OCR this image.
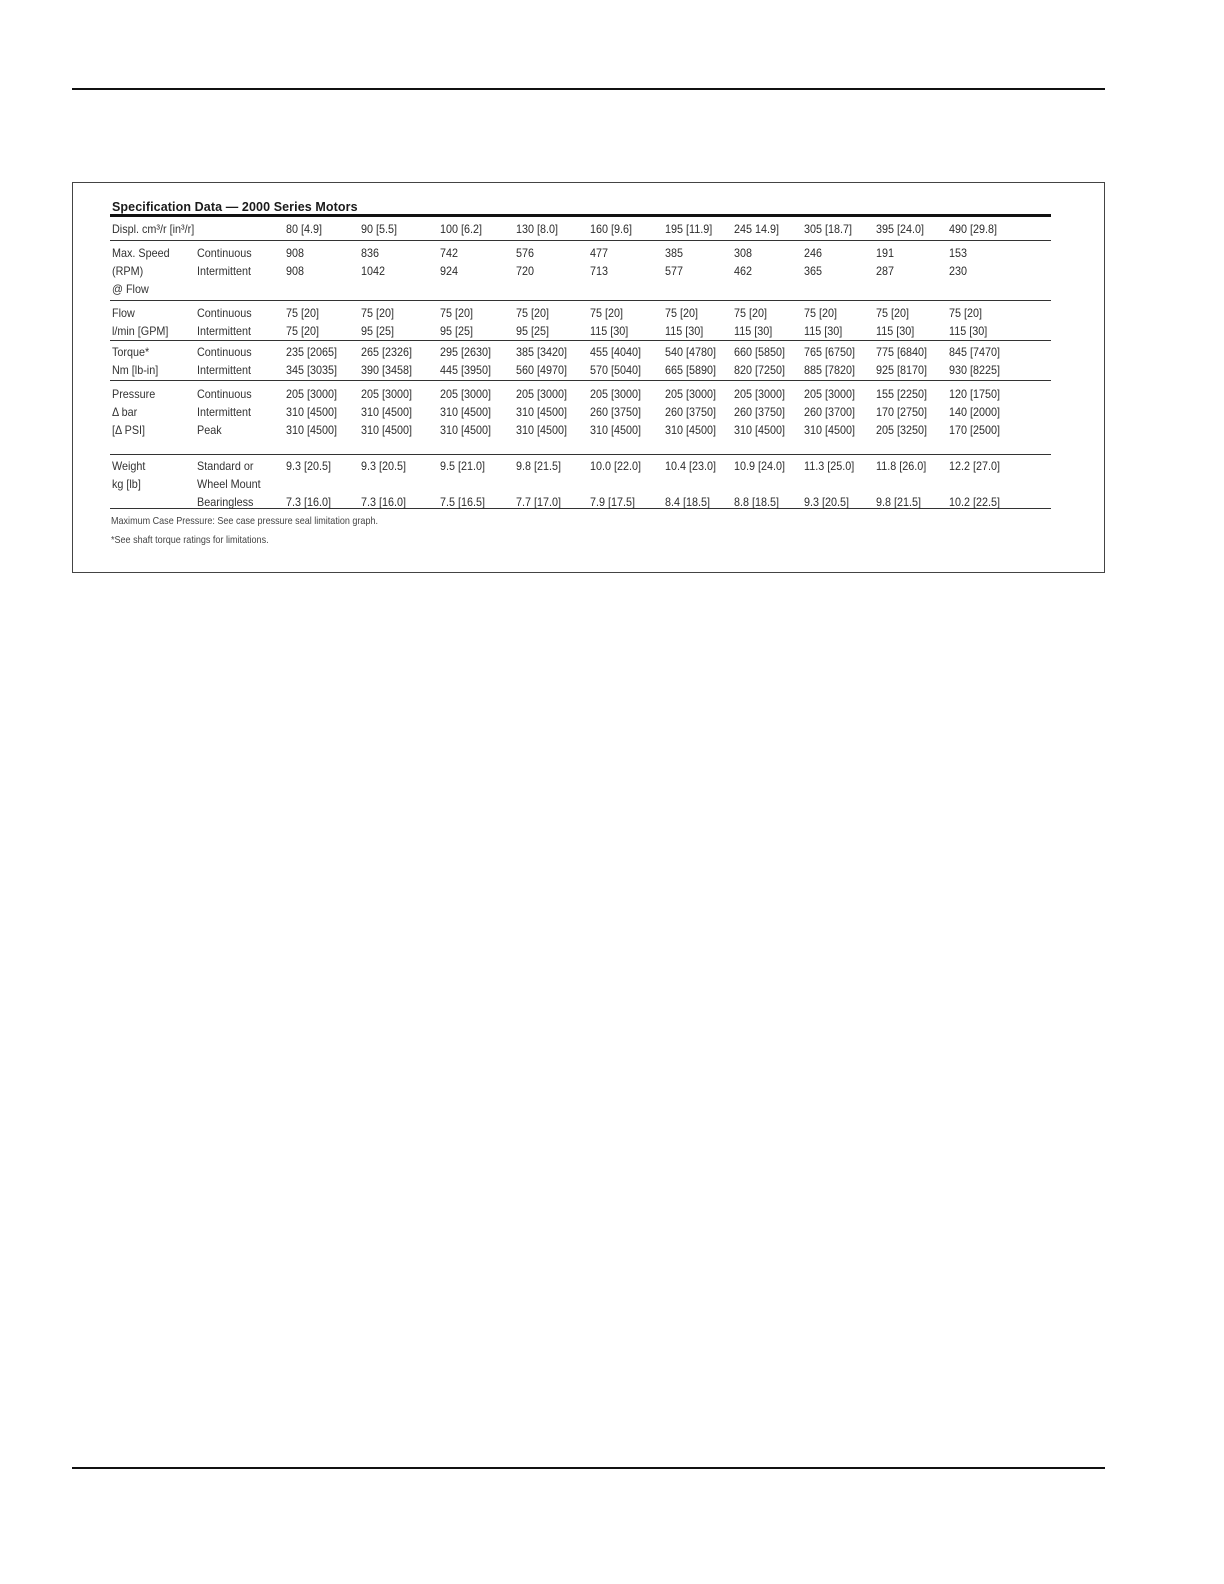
Specification Data — 2000 Series Motors
Displ. cm³/r [in³/r]	80 [4.9]	90 [5.5]	100 [6.2]	130 [8.0]	160 [9.6]	195 [11.9] 245 14.9] 305 [18.7] 395 [24.0] 490 [29.8]
Max. Speed
(RPM)
@ Flow
Continuous	908	836	742	576	477	385	308	246	191	153
Intermittent	908	1042	924	720	713	577	462	365	287	230
Flow
l/min [GPM]
Continuous	75 [20]	75 [20]	75 [20]	75 [20]	75 [20]	75 [20]	75 [20]	75 [20]	75 [20]	75 [20]
Intermittent	75 [20]	95 [25]	95 [25]	95 [25]	115 [30]	115 [30]	115 [30]	115 [30]	115 [30]	115 [30]
Torque*
Nm [lb-in]
Continuous	235 [2065] 265 [2326] 295 [2630] 385 [3420] 455 [4040] 540 [4780] 660 [5850] 765 [6750] 775 [6840] 845 [7470]
Intermittent	345 [3035] 390 [3458] 445 [3950] 560 [4970] 570 [5040] 665 [5890] 820 [7250] 885 [7820] 925 [8170] 930 [8225]
Pressure
Δ bar
[Δ PSI]
Continuous	205 [3000] 205 [3000] 205 [3000] 205 [3000] 205 [3000] 205 [3000] 205 [3000] 205 [3000] 155 [2250] 120 [1750]
Intermittent	310 [4500] 310 [4500] 310 [4500] 310 [4500] 260 [3750] 260 [3750] 260 [3750] 260 [3700] 170 [2750] 140 [2000]
Peak	310 [4500] 310 [4500] 310 [4500] 310 [4500] 310 [4500] 310 [4500] 310 [4500] 310 [4500] 205 [3250] 170 [2500]
Weight
kg [lb]
Standard or	9.3 [20.5] 9.3 [20.5]	9.5 [21.0]	9.8 [21.5] 10.0 [22.0] 10.4 [23.0] 10.9 [24.0] 11.3 [25.0] 11.8 [26.0] 12.2 [27.0]
Wheel Mount
Bearingless	7.3 [16.0] 7.3 [16.0]	7.5 [16.5]	7.7 [17.0] 7.9 [17.5] 8.4 [18.5] 8.8 [18.5] 9.3 [20.5] 9.8 [21.5] 10.2 [22.5]
Maximum Case Pressure: See case pressure seal limitation graph.
*See shaft torque ratings for limitations.
